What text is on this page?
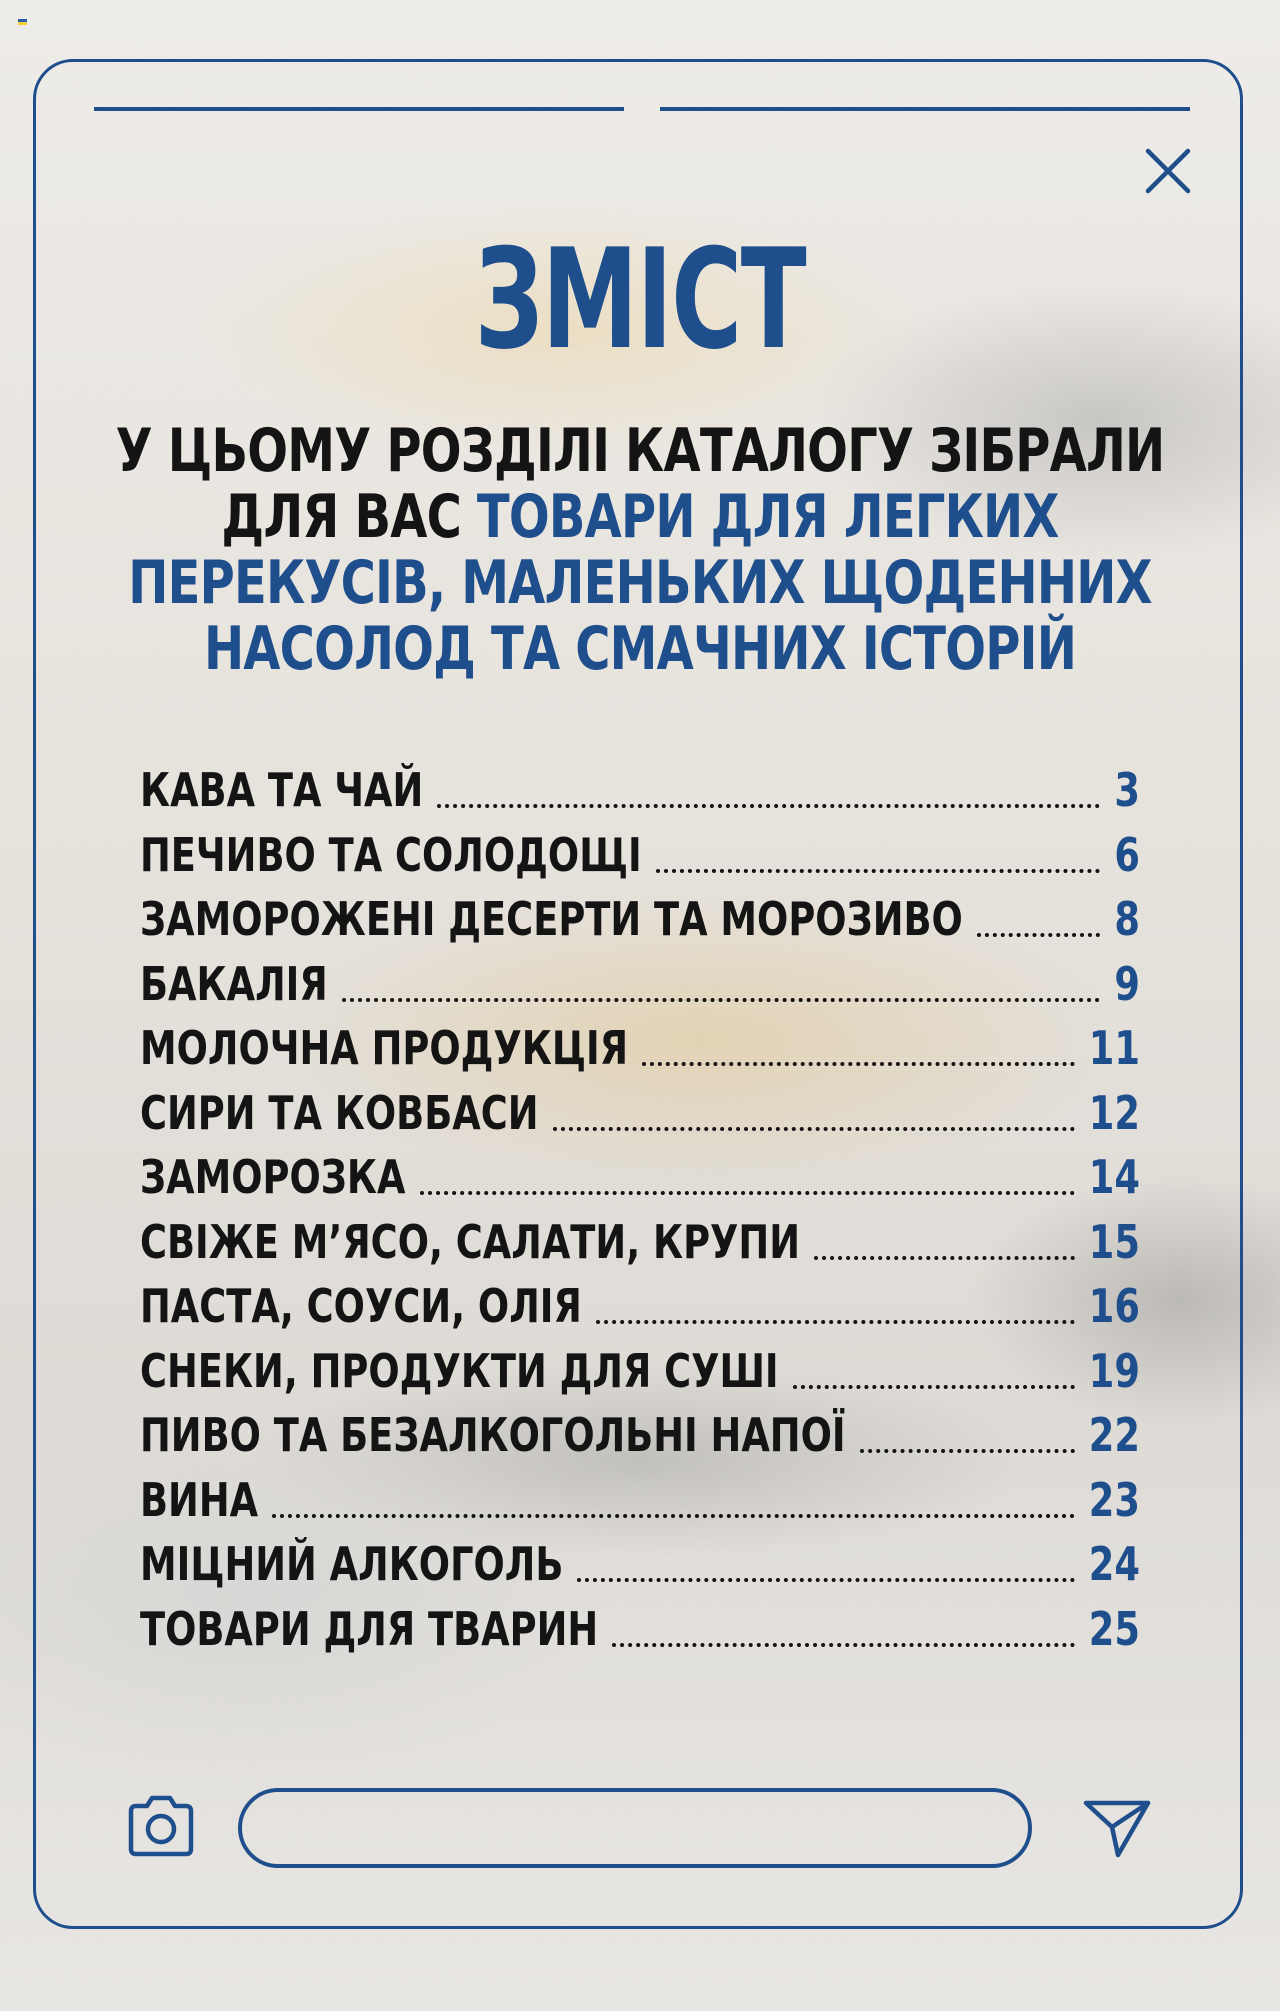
ЗМІСТ
У ЦЬОМУ РОЗДІЛІ КАТАЛОГУ ЗІБРАЛИ
ДЛЯ ВАС ТОВАРИ ДЛЯ ЛЕГКИХ
ПЕРЕКУСІВ, МАЛЕНЬКИХ ЩОДЕННИХ
НАСОЛОД ТА СМАЧНИХ ІСТОРІЙ
КАВА ТА ЧАЙ	3
ПЕЧИВО ТА СОЛОДОЩІ	6
ЗАМОРОЖЕНІ ДЕСЕРТИ ТА МОРОЗИВО	8
БАКАЛІЯ	9
МОЛОЧНА ПРОДУКЦІЯ	11
СИРИ ТА КОВБАСИ	12
ЗАМОРОЗКА	14
СВІЖЕ М’ЯСО, САЛАТИ, КРУПИ	15
ПАСТА, СОУСИ, ОЛІЯ	16
СНЕКИ, ПРОДУКТИ ДЛЯ СУШІ	19
ПИВО ТА БЕЗАЛКОГОЛЬНІ НАПОЇ	22
ВИНА	23
МІЦНИЙ АЛКОГОЛЬ	24
ТОВАРИ ДЛЯ ТВАРИН	25
